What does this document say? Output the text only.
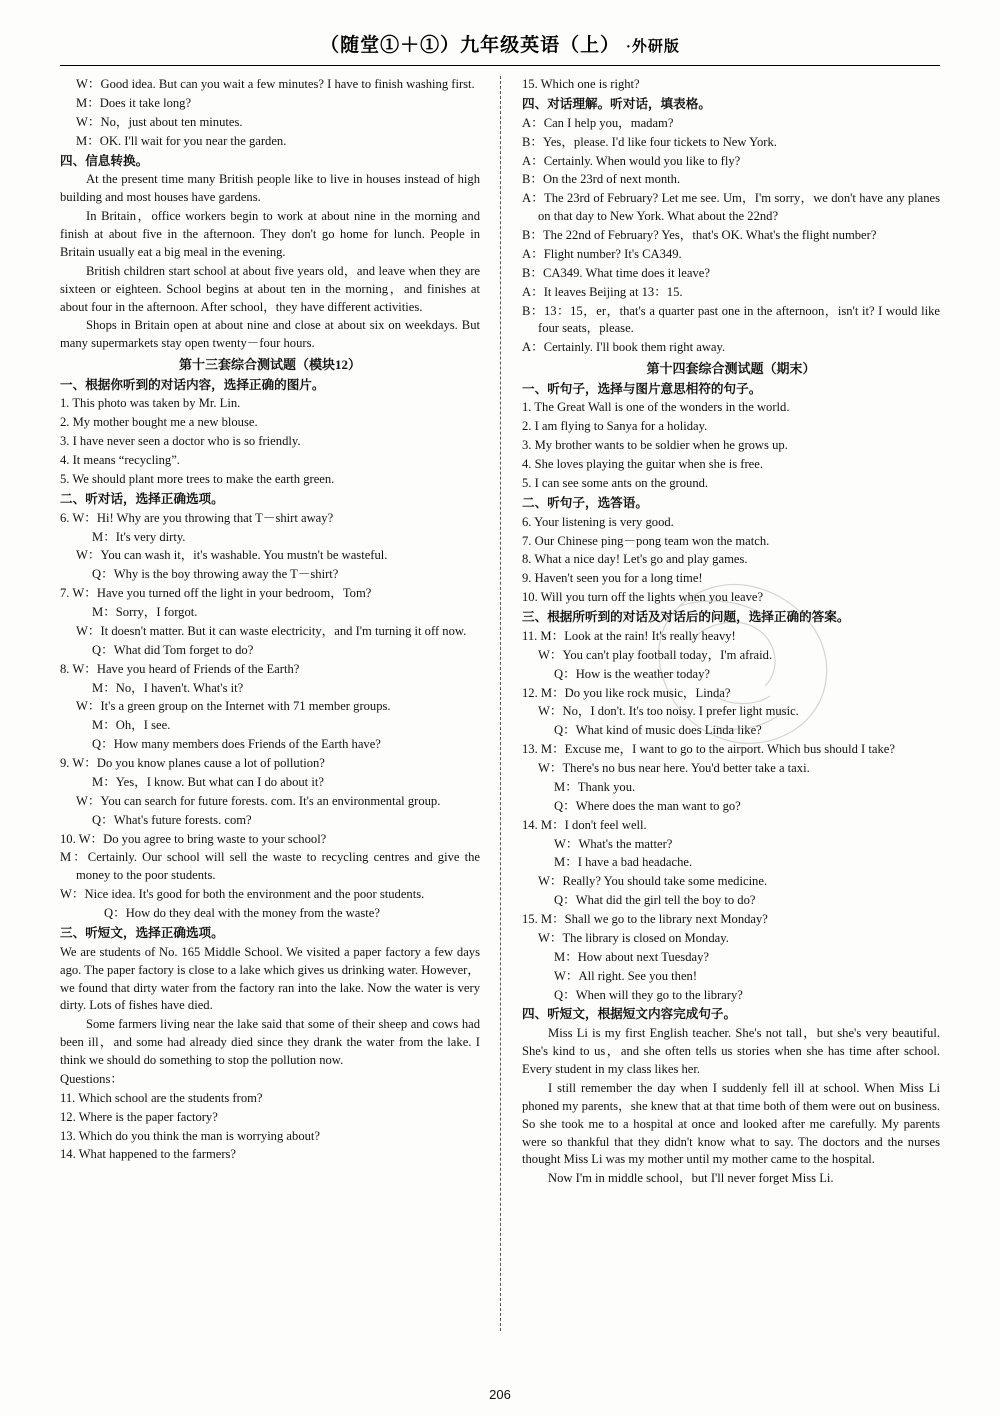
（随堂①＋①）九年级英语（上） ·外研版

W：Good idea. But can you wait a few minutes? I have to finish washing first.

M：Does it take long?

W：No，just about ten minutes.

M：OK. I'll wait for you near the garden.

四、信息转换。

At the present time many British people like to live in houses instead of high building and most houses have gardens.

In Britain，office workers begin to work at about nine in the morning and finish at about five in the afternoon. They don't go home for lunch. People in Britain usually eat a big meal in the evening.

British children start school at about five years old，and leave when they are sixteen or eighteen. School begins at about ten in the morning，and finishes at about four in the afternoon. After school，they have different activities.

Shops in Britain open at about nine and close at about six on weekdays. But many supermarkets stay open twenty－four hours.

第十三套综合测试题（模块12）

一、根据你听到的对话内容，选择正确的图片。

1. This photo was taken by Mr. Lin.

2. My mother bought me a new blouse.

3. I have never seen a doctor who is so friendly.

4. It means “recycling”.

5. We should plant more trees to make the earth green.

二、听对话，选择正确选项。

6. W：Hi! Why are you throwing that T－shirt away?

M：It's very dirty.

W：You can wash it，it's washable. You mustn't be wasteful.

Q：Why is the boy throwing away the T－shirt?

7. W：Have you turned off the light in your bedroom，Tom?

M：Sorry，I forgot.

W：It doesn't matter. But it can waste electricity，and I'm turning it off now.

Q：What did Tom forget to do?

8. W：Have you heard of Friends of the Earth?

M：No，I haven't. What's it?

W：It's a green group on the Internet with 71 member groups.

M：Oh，I see.

Q：How many members does Friends of the Earth have?

9. W：Do you know planes cause a lot of pollution?

M：Yes，I know. But what can I do about it?

W：You can search for future forests. com. It's an environmental group.

Q：What's future forests. com?

10. W：Do you agree to bring waste to your school?

M：Certainly. Our school will sell the waste to recycling centres and give the money to the poor students.

W：Nice idea. It's good for both the environment and the poor students.

Q：How do they deal with the money from the waste?

三、听短文，选择正确选项。

We are students of No. 165 Middle School. We visited a paper factory a few days ago. The paper factory is close to a lake which gives us drinking water. However，we found that dirty water from the factory ran into the lake. Now the water is very dirty. Lots of fishes have died.

Some farmers living near the lake said that some of their sheep and cows had been ill，and some had already died since they drank the water from the lake. I think we should do something to stop the pollution now.

Questions：

11. Which school are the students from?

12. Where is the paper factory?

13. Which do you think the man is worrying about?

14. What happened to the farmers?

15. Which one is right?

四、对话理解。听对话，填表格。

A：Can I help you，madam?

B：Yes，please. I'd like four tickets to New York.

A：Certainly. When would you like to fly?

B：On the 23rd of next month.

A：The 23rd of February? Let me see. Um，I'm sorry，we don't have any planes on that day to New York. What about the 22nd?

B：The 22nd of February? Yes，that's OK. What's the flight number?

A：Flight number? It's CA349.

B：CA349. What time does it leave?

A：It leaves Beijing at 13：15.

B：13：15，er，that's a quarter past one in the afternoon，isn't it? I would like four seats，please.

A：Certainly. I'll book them right away.

第十四套综合测试题（期末）

一、听句子，选择与图片意思相符的句子。

1. The Great Wall is one of the wonders in the world.

2. I am flying to Sanya for a holiday.

3. My brother wants to be soldier when he grows up.

4. She loves playing the guitar when she is free.

5. I can see some ants on the ground.

二、听句子，选答语。

6. Your listening is very good.

7. Our Chinese ping－pong team won the match.

8. What a nice day! Let's go and play games.

9. Haven't seen you for a long time!

10. Will you turn off the lights when you leave?

三、根据所听到的对话及对话后的问题，选择正确的答案。

11. M：Look at the rain! It's really heavy!

W：You can't play football today，I'm afraid.

Q：How is the weather today?

12. M：Do you like rock music，Linda?

W：No，I don't. It's too noisy. I prefer light music.

Q：What kind of music does Linda like?

13. M：Excuse me，I want to go to the airport. Which bus should I take?

W：There's no bus near here. You'd better take a taxi.

M：Thank you.

Q：Where does the man want to go?

14. M：I don't feel well.

W：What's the matter?

M：I have a bad headache.

W：Really? You should take some medicine.

Q：What did the girl tell the boy to do?

15. M：Shall we go to the library next Monday?

W：The library is closed on Monday.

M：How about next Tuesday?

W：All right. See you then!

Q：When will they go to the library?

四、听短文，根据短文内容完成句子。

Miss Li is my first English teacher. She's not tall，but she's very beautiful. She's kind to us，and she often tells us stories when she has time after school. Every student in my class likes her.

I still remember the day when I suddenly fell ill at school. When Miss Li phoned my parents，she knew that at that time both of them were out on business. So she took me to a hospital at once and looked after me carefully. My parents were so thankful that they didn't know what to say. The doctors and the nurses thought Miss Li was my mother until my mother came to the hospital.

Now I'm in middle school，but I'll never forget Miss Li.

206
